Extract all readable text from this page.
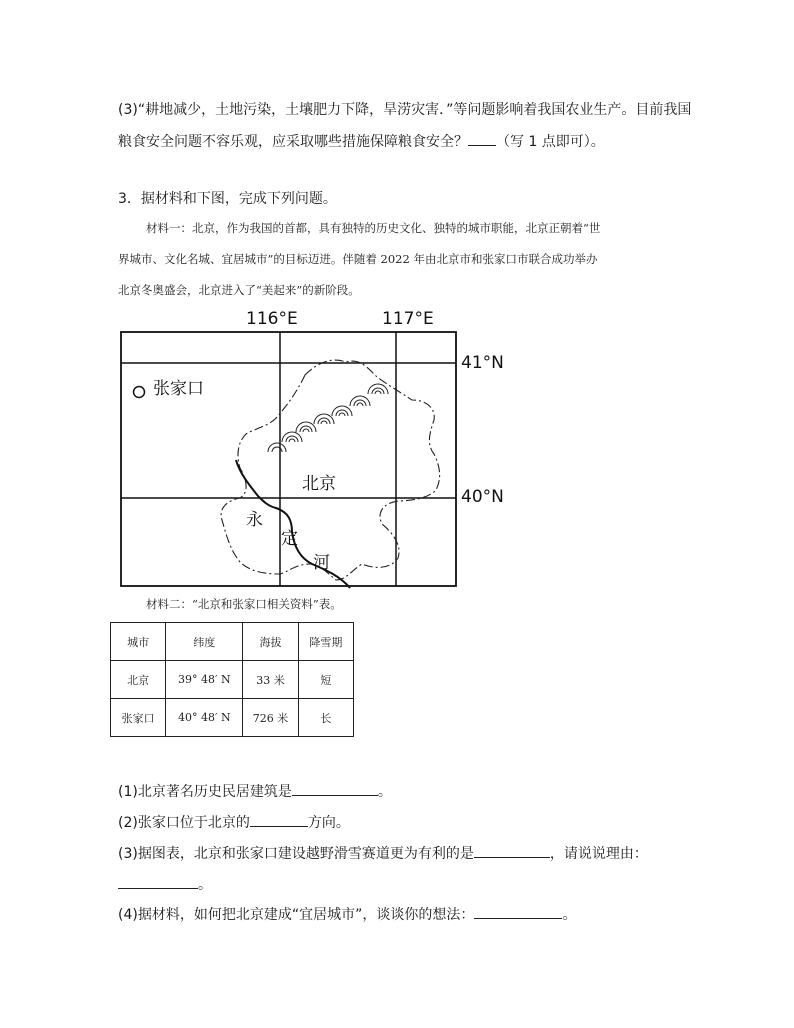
(3)“耕地减少，土地污染，土壤肥力下降，旱涝灾害．”等问题影响着我国农业生产。目前我国
粮食安全问题不容乐观，应采取哪些措施保障粮食安全？ （写 1 点即可）。
3．据材料和下图，完成下列问题。
材料一：北京，作为我国的首都，具有独特的历史文化、独特的城市职能，北京正朝着“世
界城市、文化名城、宜居城市”的目标迈进。伴随着 2022 年由北京市和张家口市联合成功举办
北京冬奥盛会，北京进入了“美起来”的新阶段。
116°E	117°E
41°N
40°N
张家口
北京
永
定
河
材料二：“北京和张家口相关资料”表。
城市	纬度	海拔	降雪期
北京	39° 48′ N	33 米	短
张家口	40° 48′ N	726 米	长
(1)北京著名历史民居建筑是	。
(2)张家口位于北京的	方向。
(3)据图表，北京和张家口建设越野滑雪赛道更为有利的是	，请说说理由：
。
(4)据材料，如何把北京建成“宜居城市”，谈谈你的想法：	。
